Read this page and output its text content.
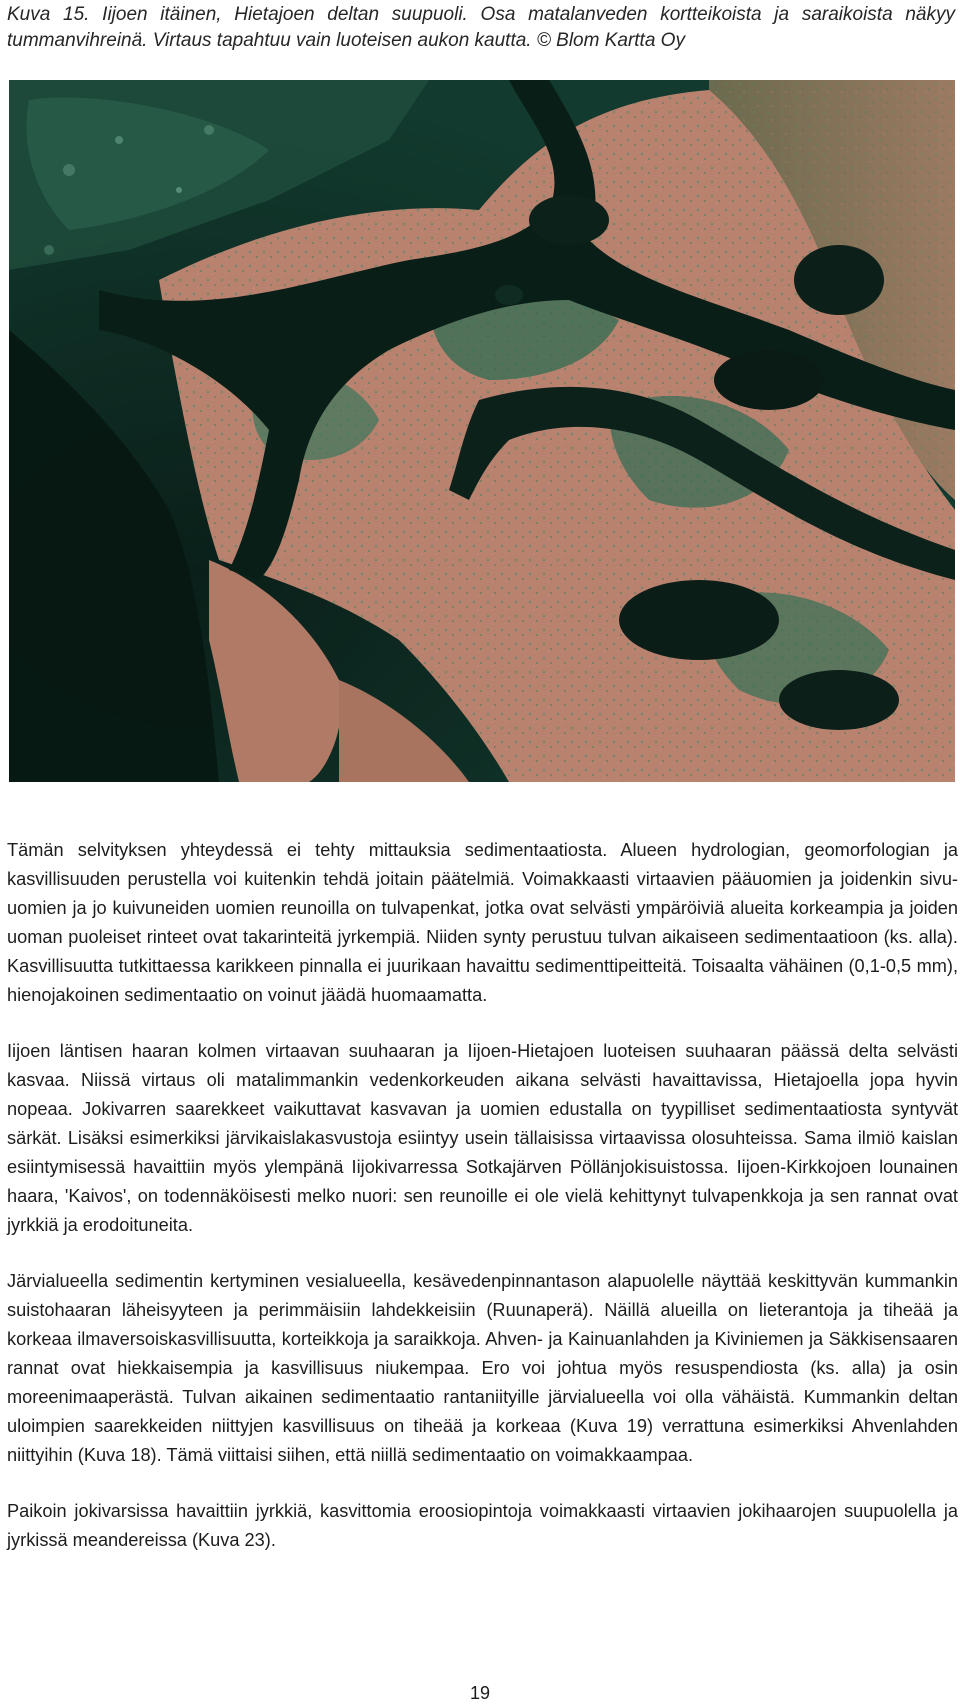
Kuva 15. Iijoen itäinen, Hietajoen deltan suupuoli. Osa matalanveden kortteikoista ja saraikoista näkyy tummanvihreinä. Virtaus tapahtuu vain luoteisen aukon kautta. © Blom Kartta Oy

Tämän selvityksen yhteydessä ei tehty mittauksia sedimentaatiosta. Alueen hydrologian, geomorfologian ja kasvillisuuden perustella voi kuitenkin tehdä joitain päätelmiä. Voimakkaasti virtaavien pääuomien ja joidenkin sivu-uomien ja jo kuivuneiden uomien reunoilla on tulvapenkat, jotka ovat selvästi ympäröiviä alueita korkeampia ja joiden uoman puoleiset rinteet ovat takarinteitä jyrkempiä. Niiden synty perustuu tulvan aikaiseen sedimentaatioon (ks. alla). Kasvillisuutta tutkittaessa karikkeen pinnalla ei juurikaan havaittu sedimenttipeitteitä. Toisaalta vähäinen (0,1-0,5 mm), hienojakoinen sedimentaatio on voinut jäädä huomaamatta.

Iijoen läntisen haaran kolmen virtaavan suuhaaran ja Iijoen-Hietajoen luoteisen suuhaaran päässä delta selvästi kasvaa. Niissä virtaus oli matalimmankin vedenkorkeuden aikana selvästi havaittavissa, Hietajoella jopa hyvin nopeaa. Jokivarren saarekkeet vaikuttavat kasvavan ja uomien edustalla on tyypilliset sedimentaatiosta syntyvät särkät. Lisäksi esimerkiksi järvikaislakasvustoja esiintyy usein tällaisissa virtaavissa olosuhteissa. Sama ilmiö kaislan esiintymisessä havaittiin myös ylempänä Iijokivarressa Sotkajärven Pöllänjokisuistossa. Iijoen-Kirkkojoen lounainen haara, 'Kaivos', on todennäköisesti melko nuori: sen reunoille ei ole vielä kehittynyt tulvapenkkoja ja sen rannat ovat jyrkkiä ja erodoituneita.

Järvialueella sedimentin kertyminen vesialueella, kesävedenpinnantason alapuolelle näyttää keskittyvän kummankin suistohaaran läheisyyteen ja perimmäisiin lahdekkeisiin (Ruunaperä). Näillä alueilla on lieterantoja ja tiheää ja korkeaa ilmaversoiskasvillisuutta, korteikkoja ja saraikkoja. Ahven- ja Kainuanlahden ja Kiviniemen ja Säkkisensaaren rannat ovat hiekkaisempia ja kasvillisuus niukempaa. Ero voi johtua myös resuspendiosta (ks. alla) ja osin moreenimaaperästä. Tulvan aikainen sedimentaatio rantaniityille järvialueella voi olla vähäistä. Kummankin deltan uloimpien saarekkeiden niittyjen kasvillisuus on tiheää ja korkeaa (Kuva 19) verrattuna esimerkiksi Ahvenlahden niittyihin (Kuva 18). Tämä viittaisi siihen, että niillä sedimentaatio on voimakkaampaa.

Paikoin jokivarsissa havaittiin jyrkkiä, kasvittomia eroosiopintoja voimakkaasti virtaavien jokihaarojen suupuolella ja jyrkissä meandereissa (Kuva 23).

19
